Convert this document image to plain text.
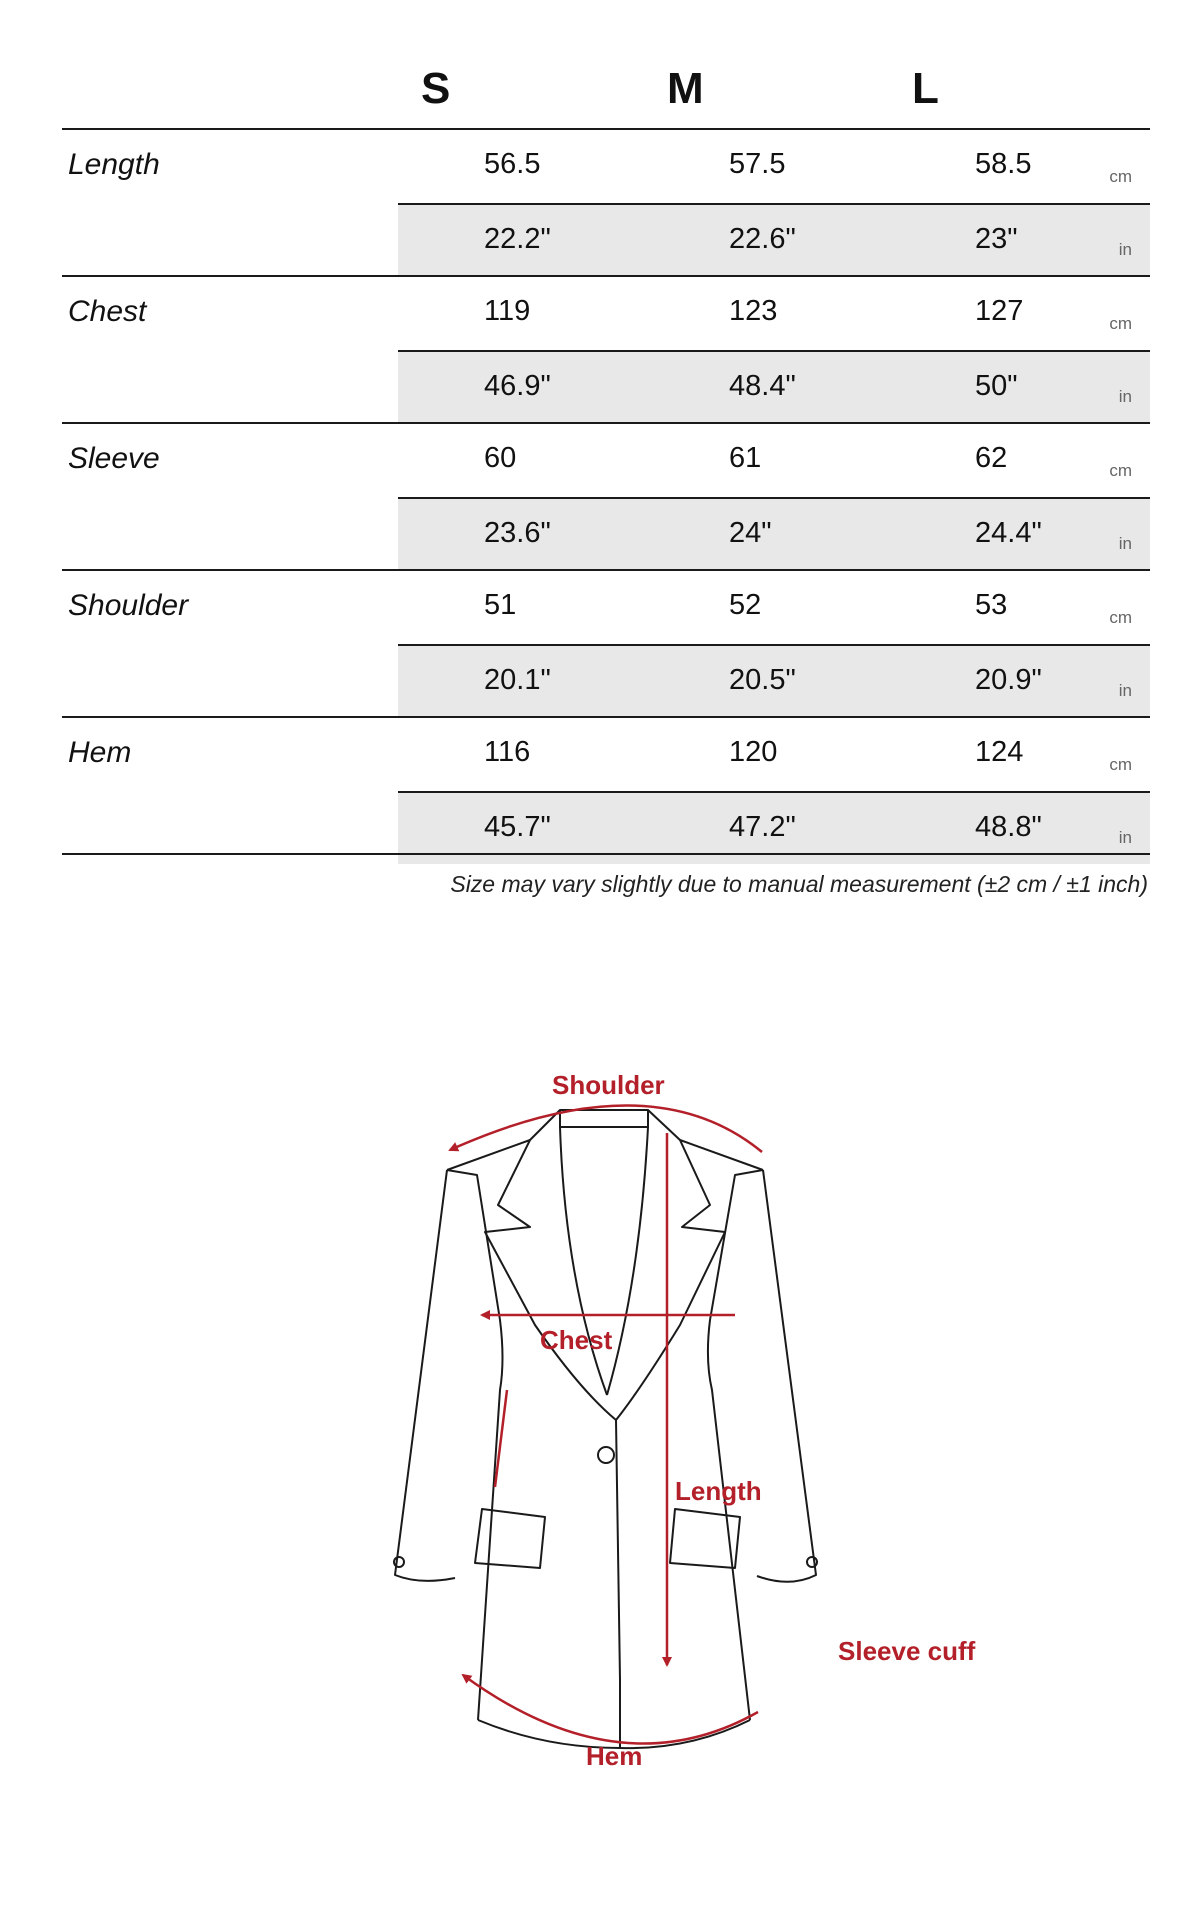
S	M	L
Length	56.5	57.5	58.5	cm
22.2"	22.6"	23"	in
Chest	119	123	127	cm
46.9"	48.4"	50"	in
Sleeve	60	61	62	cm
23.6"	24"	24.4"	in
Shoulder	51	52	53	cm
20.1"	20.5"	20.9"	in
Hem	116	120	124	cm
45.7"	47.2"	48.8"	in
Size may vary slightly due to manual measurement (±2 cm / ±1 inch)
Shoulder
Chest
Length
Sleeve cuff
Hem
